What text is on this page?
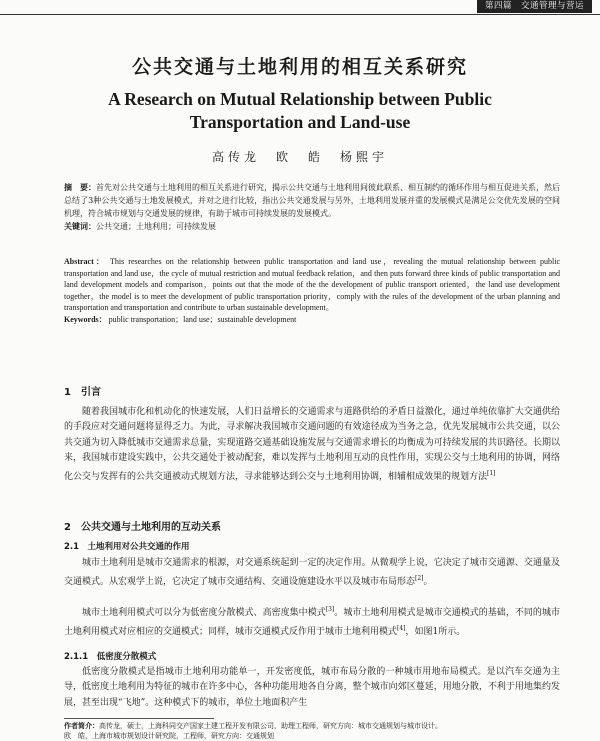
第四篇　交通管理与营运
公共交通与土地利用的相互关系研究
A Research on Mutual Relationship between Public Transportation and Land-use
高传龙　欧　皓　杨熙宇
摘　要：首先对公共交通与土地利用的相互关系进行研究，揭示公共交通与土地利用间彼此联系、相互制约的循环作用与相互促进关系，然后总结了3种公共交通与土地发展模式，并对之进行比较，指出公共交通发展与另外，土地利用发展并重的发展模式是满足公交优先发展的空间机理，符合城市规划与交通发展的规律，有助于城市可持续发展的发展模式。
关键词：公共交通；土地利用；可持续发展
Abstract： This researches on the relationship between public transportation and land use，revealing the mutual relationship between public transportation and land use，the cycle of mutual restriction and mutual feedback relation，and then puts forward three kinds of public transportation and land development models and comparison，points out that the mode of the the development of public transport oriented，the land use development together，the model is to meet the development of public transportation priority，comply with the rules of the development of the urban planning and transportation and transportation and contribute to urban sustainable development。
Keywords： public transportation；land use；sustainable development
1　引言
随着我国城市化和机动化的快速发展，人们日益增长的交通需求与道路供给的矛盾日益激化，通过单纯依靠扩大交通供给的手段应对交通问题将显得乏力。为此，寻求解决我国城市交通问题的有效途径成为当务之急，优先发展城市公共交通，以公共交通为切入降低城市交通需求总量，实现道路交通基础设施发展与交通需求增长的均衡成为可持续发展的共识路径。长期以来，我国城市建设实践中，公共交通处于被动配套，难以发挥与土地利用互动的良性作用，实现公交与土地利用的协调，网络化公交与发挥有的公共交通被动式规划方法，寻求能够达到公交与土地利用协调，相辅相成效果的规划方法[1]
2　公共交通与土地利用的互动关系
2.1　土地利用对公共交通的作用
城市土地利用是城市交通需求的根源，对交通系统起到一定的决定作用。从微观学上说，它决定了城市交通源、交通量及交通模式。从宏观学上说，它决定了城市交通结构、交通设施建设水平以及城市布局形态[2]。
城市土地利用模式可以分为低密度分散模式、高密度集中模式[3]。城市土地利用模式是城市交通模式的基础，不同的城市土地利用模式对应相应的交通模式；同样，城市交通模式反作用于城市土地利用模式[4]，如图1所示。
2.1.1　低密度分散模式
低密度分散模式是指城市土地利用功能单一，开发密度低，城市布局分散的一种城市用地布局模式。是以汽车交通为主导，低密度土地利用为特征的城市在许多中心，各种功能用地各自分离，整个城市向郊区蔓延，用地分散，不利于用地集约发展，甚至出现“飞地”。这种模式下的城市，单位土地面积产生
作者简介：高传龙，硕士，上海科同交产国家土建工程开发有限公司，助理工程师，研究方向：城市交通规划与城市设计。
欧　皓，上海市城市规划设计研究院，工程师，研究方向：交通规划
